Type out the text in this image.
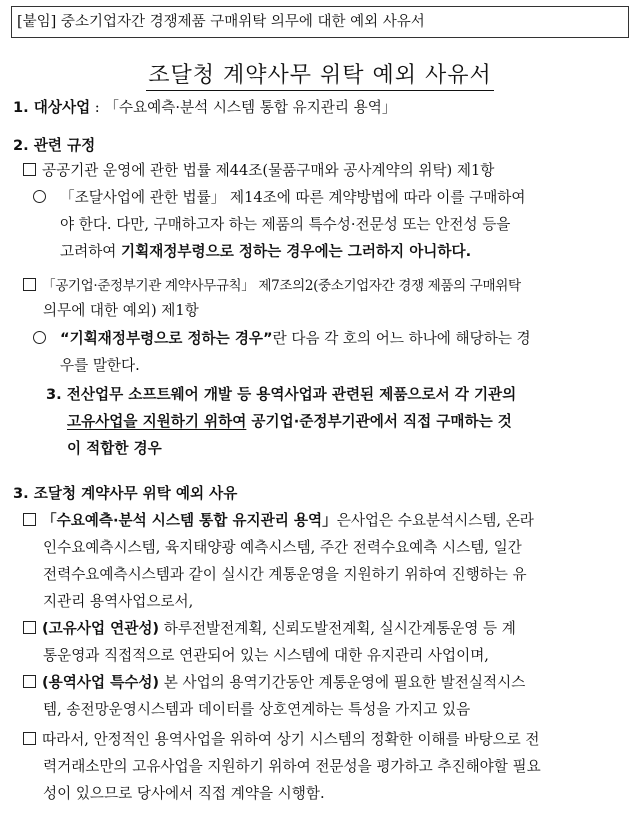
[붙임] 중소기업자간 경쟁제품 구매위탁 의무에 대한 예외 사유서
조달청 계약사무 위탁 예외 사유서
1. 대상사업 : 「수요예측·분석 시스템 통합 유지관리 용역」
2. 관련 규정
공공기관 운영에 관한 법률 제44조(물품구매와 공사계약의 위탁) 제1항
「조달사업에 관한 법률」 제14조에 따른 계약방법에 따라 이를 구매하여
야 한다. 다만, 구매하고자 하는 제품의 특수성·전문성 또는 안전성 등을
고려하여 기획재정부령으로 정하는 경우에는 그러하지 아니하다.
「공기업·준정부기관 계약사무규칙」 제7조의2(중소기업자간 경쟁 제품의 구매위탁
의무에 대한 예외) 제1항
“기획재정부령으로 정하는 경우”란 다음 각 호의 어느 하나에 해당하는 경
우를 말한다.
3. 전산업무 소프트웨어 개발 등 용역사업과 관련된 제품으로서 각 기관의
고유사업을 지원하기 위하여 공기업·준정부기관에서 직접 구매하는 것
이 적합한 경우
3. 조달청 계약사무 위탁 예외 사유
「수요예측·분석 시스템 통합 유지관리 용역」은사업은 수요분석시스템, 온라
인수요예측시스템, 육지태양광 예측시스템, 주간 전력수요예측 시스템, 일간
전력수요예측시스템과 같이 실시간 계통운영을 지원하기 위하여 진행하는 유
지관리 용역사업으로서,
(고유사업 연관성) 하루전발전계획, 신뢰도발전계획, 실시간계통운영 등 계
통운영과 직접적으로 연관되어 있는 시스템에 대한 유지관리 사업이며,
(용역사업 특수성) 본 사업의 용역기간동안 계통운영에 필요한 발전실적시스
템, 송전망운영시스템과 데이터를 상호연계하는 특성을 가지고 있음
따라서, 안정적인 용역사업을 위하여 상기 시스템의 정확한 이해를 바탕으로 전
력거래소만의 고유사업을 지원하기 위하여 전문성을 평가하고 추진해야할 필요
성이 있으므로 당사에서 직접 계약을 시행함.
